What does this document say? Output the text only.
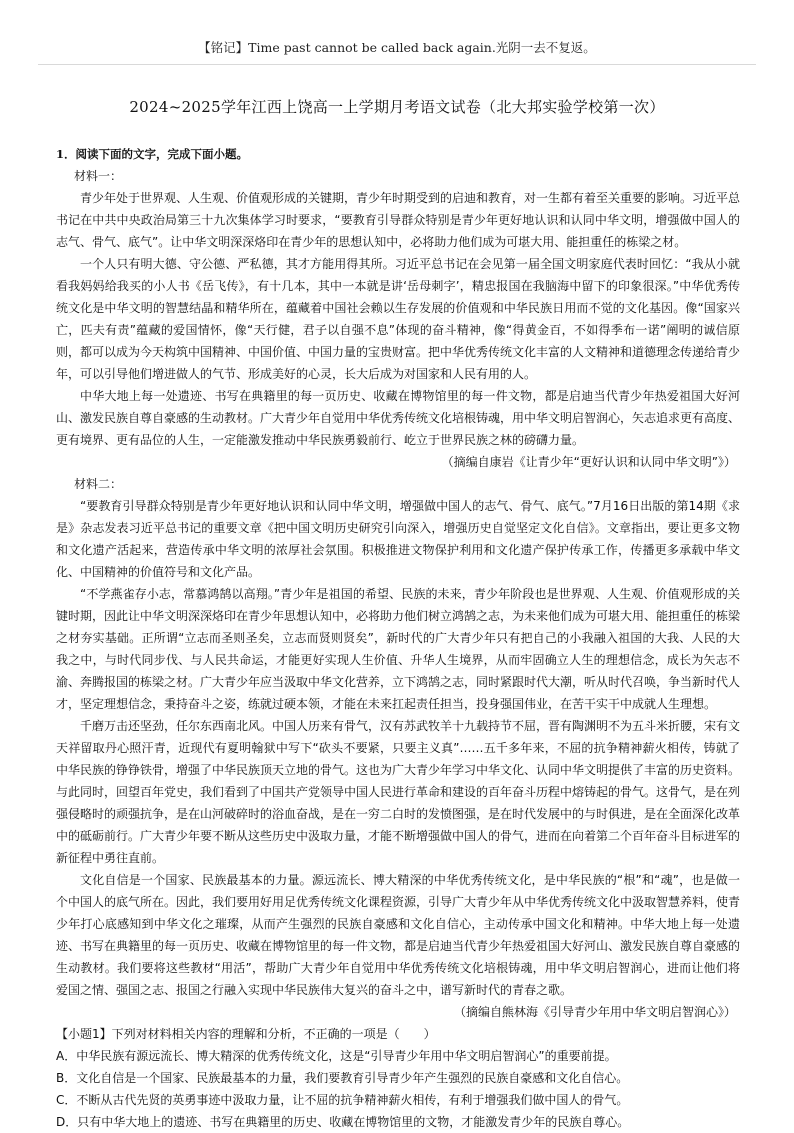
【铭记】Time past cannot be called back again.光阴一去不复返。
2024~2025学年江西上饶高一上学期月考语文试卷（北大邦实验学校第一次）

1．阅读下面的文字，完成下面小题。

材料一：

青少年处于世界观、人生观、价值观形成的关键期，青少年时期受到的启迪和教育，对一生都有着至关重要的影响。习近平总书记在中共中央政治局第三十九次集体学习时要求，“要教育引导群众特别是青少年更好地认识和认同中华文明，增强做中国人的志气、骨气、底气”。让中华文明深深烙印在青少年的思想认知中，必将助力他们成为可堪大用、能担重任的栋梁之材。

一个人只有明大德、守公德、严私德，其才方能用得其所。习近平总书记在会见第一届全国文明家庭代表时回忆：“我从小就看我妈妈给我买的小人书《岳飞传》，有十几本，其中一本就是讲‘岳母刺字’，精忠报国在我脑海中留下的印象很深。”中华优秀传统文化是中华文明的智慧结晶和精华所在，蕴藏着中国社会赖以生存发展的价值观和中华民族日用而不觉的文化基因。像“国家兴亡，匹夫有责”蕴藏的爱国情怀，像“天行健，君子以自强不息”体现的奋斗精神，像“得黄金百，不如得季布一诺”阐明的诚信原则，都可以成为今天构筑中国精神、中国价值、中国力量的宝贵财富。把中华优秀传统文化丰富的人文精神和道德理念传递给青少年，可以引导他们增进做人的气节、形成美好的心灵，长大后成为对国家和人民有用的人。

中华大地上每一处遗迹、书写在典籍里的每一页历史、收藏在博物馆里的每一件文物，都是启迪当代青少年热爱祖国大好河山、激发民族自尊自豪感的生动教材。广大青少年自觉用中华优秀传统文化培根铸魂，用中华文明启智润心，矢志追求更有高度、更有境界、更有品位的人生，一定能激发推动中华民族勇毅前行、屹立于世界民族之林的磅礴力量。

（摘编自康岩《让青少年“更好认识和认同中华文明”》）

材料二：

“要教育引导群众特别是青少年更好地认识和认同中华文明，增强做中国人的志气、骨气、底气。”7月16日出版的第14期《求是》杂志发表习近平总书记的重要文章《把中国文明历史研究引向深入，增强历史自觉坚定文化自信》。文章指出，要让更多文物和文化遗产活起来，营造传承中华文明的浓厚社会氛围。积极推进文物保护利用和文化遗产保护传承工作，传播更多承载中华文化、中国精神的价值符号和文化产品。

“不学燕雀存小志，常慕鸿鹄以高翔。”青少年是祖国的希望、民族的未来，青少年阶段也是世界观、人生观、价值观形成的关键时期，因此让中华文明深深烙印在青少年思想认知中，必将助力他们树立鸿鹄之志，为未来他们成为可堪大用、能担重任的栋梁之材夯实基础。正所谓“立志而圣则圣矣，立志而贤则贤矣”，新时代的广大青少年只有把自己的小我融入祖国的大我、人民的大我之中，与时代同步伐、与人民共命运，才能更好实现人生价值、升华人生境界，从而牢固确立人生的理想信念，成长为矢志不渝、奔腾报国的栋梁之材。广大青少年应当汲取中华文化营养，立下鸿鹄之志，同时紧跟时代大潮，听从时代召唤，争当新时代人才，坚定理想信念，秉持奋斗之姿，练就过硬本领，才能在未来扛起责任担当，投身强国伟业，在苦干实干中成就人生理想。

千磨万击还坚劲，任尔东西南北风。中国人历来有骨气，汉有苏武牧羊十九载持节不屈，晋有陶渊明不为五斗米折腰，宋有文天祥留取丹心照汗青，近现代有夏明翰狱中写下“砍头不要紧，只要主义真”……五千多年来，不屈的抗争精神薪火相传，铸就了中华民族的铮铮铁骨，增强了中华民族顶天立地的骨气。这也为广大青少年学习中华文化、认同中华文明提供了丰富的历史资料。与此同时，回望百年党史，我们看到了中国共产党领导中国人民进行革命和建设的百年奋斗历程中熔铸起的骨气。这骨气，是在列强侵略时的顽强抗争，是在山河破碎时的浴血奋战，是在一穷二白时的发愤图强，是在时代发展中的与时俱进，是在全面深化改革中的砥砺前行。广大青少年要不断从这些历史中汲取力量，才能不断增强做中国人的骨气，进而在向着第二个百年奋斗目标进军的新征程中勇往直前。

文化自信是一个国家、民族最基本的力量。源远流长、博大精深的中华优秀传统文化，是中华民族的“根”和“魂”，也是做一个中国人的底气所在。因此，我们要用好用足优秀传统文化课程资源，引导广大青少年从中华优秀传统文化中汲取智慧养料，使青少年打心底感知到中华文化之璀璨，从而产生强烈的民族自豪感和文化自信心，主动传承中国文化和精神。中华大地上每一处遗迹、书写在典籍里的每一页历史、收藏在博物馆里的每一件文物，都是启迪当代青少年热爱祖国大好河山、激发民族自尊自豪感的生动教材。我们要将这些教材“用活”，帮助广大青少年自觉用中华优秀传统文化培根铸魂，用中华文明启智润心，进而让他们将爱国之情、强国之志、报国之行融入实现中华民族伟大复兴的奋斗之中，谱写新时代的青春之歌。

（摘编自熊林海《引导青少年用中华文明启智润心》）

【小题1】下列对材料相关内容的理解和分析，不正确的一项是（　　）

A．中华民族有源远流长、博大精深的优秀传统文化，这是“引导青少年用中华文明启智润心”的重要前提。

B．文化自信是一个国家、民族最基本的力量，我们要教育引导青少年产生强烈的民族自豪感和文化自信心。

C．不断从古代先贤的英勇事迹中汲取力量，让不屈的抗争精神薪火相传，有利于增强我们做中国人的骨气。

D．只有中华大地上的遗迹、书写在典籍里的历史、收藏在博物馆里的文物，才能激发青少年的民族自尊心。
